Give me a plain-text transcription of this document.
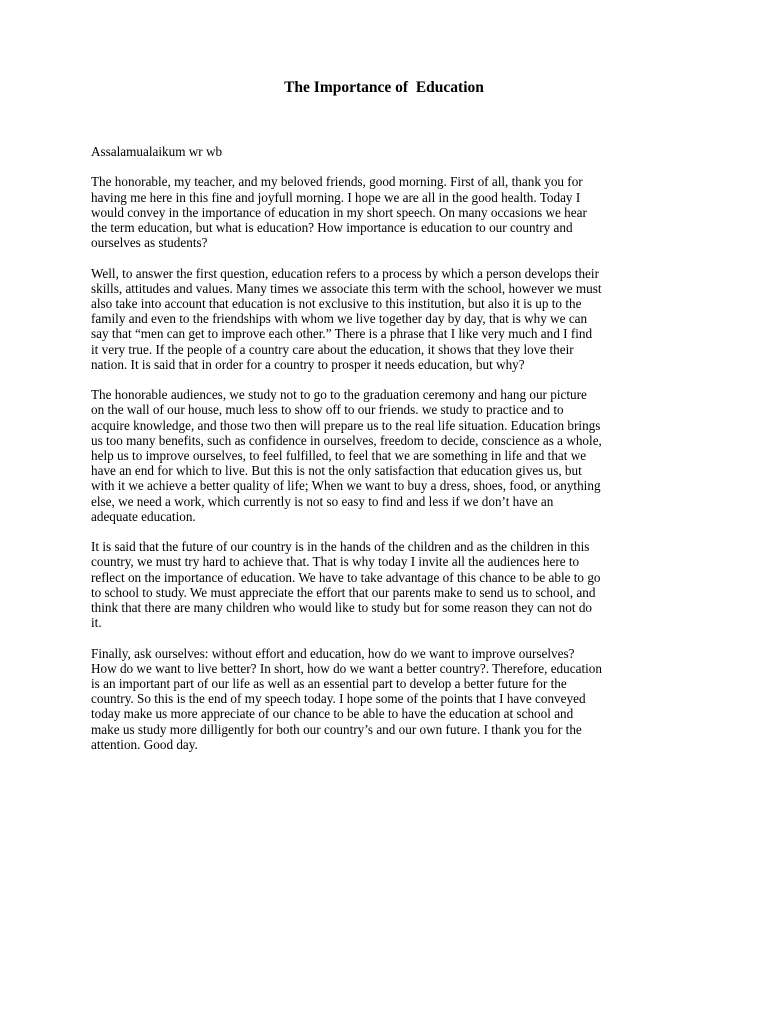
The Importance of  Education
Assalamualaikum wr wb
The honorable, my teacher, and my beloved friends, good morning. First of all, thank you for
having me here in this fine and joyfull morning. I hope we are all in the good health. Today I
would convey in the importance of education in my short speech. On many occasions we hear
the term education, but what is education? How importance is education to our country and
ourselves as students?
Well, to answer the first question, education refers to a process by which a person develops their
skills, attitudes and values. Many times we associate this term with the school, however we must
also take into account that education is not exclusive to this institution, but also it is up to the
family and even to the friendships with whom we live together day by day, that is why we can
say that “men can get to improve each other.” There is a phrase that I like very much and I find
it very true. If the people of a country care about the education, it shows that they love their
nation. It is said that in order for a country to prosper it needs education, but why?
The honorable audiences, we study not to go to the graduation ceremony and hang our picture
on the wall of our house, much less to show off to our friends. we study to practice and to
acquire knowledge, and those two then will prepare us to the real life situation. Education brings
us too many benefits, such as confidence in ourselves, freedom to decide, conscience as a whole,
help us to improve ourselves, to feel fulfilled, to feel that we are something in life and that we
have an end for which to live. But this is not the only satisfaction that education gives us, but
with it we achieve a better quality of life; When we want to buy a dress, shoes, food, or anything
else, we need a work, which currently is not so easy to find and less if we don’t have an
adequate education.
It is said that the future of our country is in the hands of the children and as the children in this
country, we must try hard to achieve that. That is why today I invite all the audiences here to
reflect on the importance of education. We have to take advantage of this chance to be able to go
to school to study. We must appreciate the effort that our parents make to send us to school, and
think that there are many children who would like to study but for some reason they can not do
it.
Finally, ask ourselves: without effort and education, how do we want to improve ourselves?
How do we want to live better? In short, how do we want a better country?. Therefore, education
is an important part of our life as well as an essential part to develop a better future for the
country. So this is the end of my speech today. I hope some of the points that I have conveyed
today make us more appreciate of our chance to be able to have the education at school and
make us study more dilligently for both our country’s and our own future. I thank you for the
attention. Good day.
